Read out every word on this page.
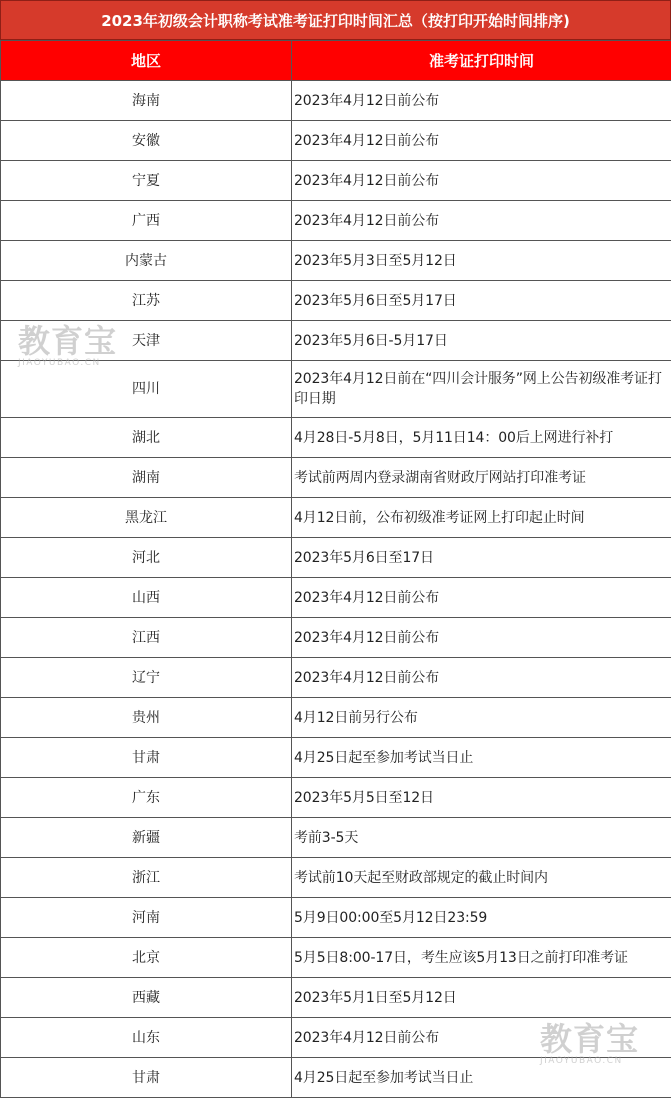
2023年初级会计职称考试准考证打印时间汇总（按打印开始时间排序)
地区	准考证打印时间
海南	2023年4月12日前公布
安徽	2023年4月12日前公布
宁夏	2023年4月12日前公布
广西	2023年4月12日前公布
内蒙古	2023年5月3日至5月12日
江苏	2023年5月6日至5月17日
天津	2023年5月6日-5月17日
四川	2023年4月12日前在“四川会计服务”网上公告初级准考证打印日期
湖北	4月28日-5月8日，5月11日14：00后上网进行补打
湖南	考试前两周内登录湖南省财政厅网站打印准考证
黑龙江	4月12日前，公布初级准考证网上打印起止时间
河北	2023年5月6日至17日
山西	2023年4月12日前公布
江西	2023年4月12日前公布
辽宁	2023年4月12日前公布
贵州	4月12日前另行公布
甘肃	4月25日起至参加考试当日止
广东	2023年5月5日至12日
新疆	考前3-5天
浙江	考试前10天起至财政部规定的截止时间内
河南	5月9日00:00至5月12日23:59
北京	5月5日8:00-17日，考生应该5月13日之前打印准考证
西藏	2023年5月1日至5月12日
山东	2023年4月12日前公布
甘肃	4月25日起至参加考试当日止
教育宝
JIAOYUBAO.CN
教育宝
JIAOYUBAO.CN
